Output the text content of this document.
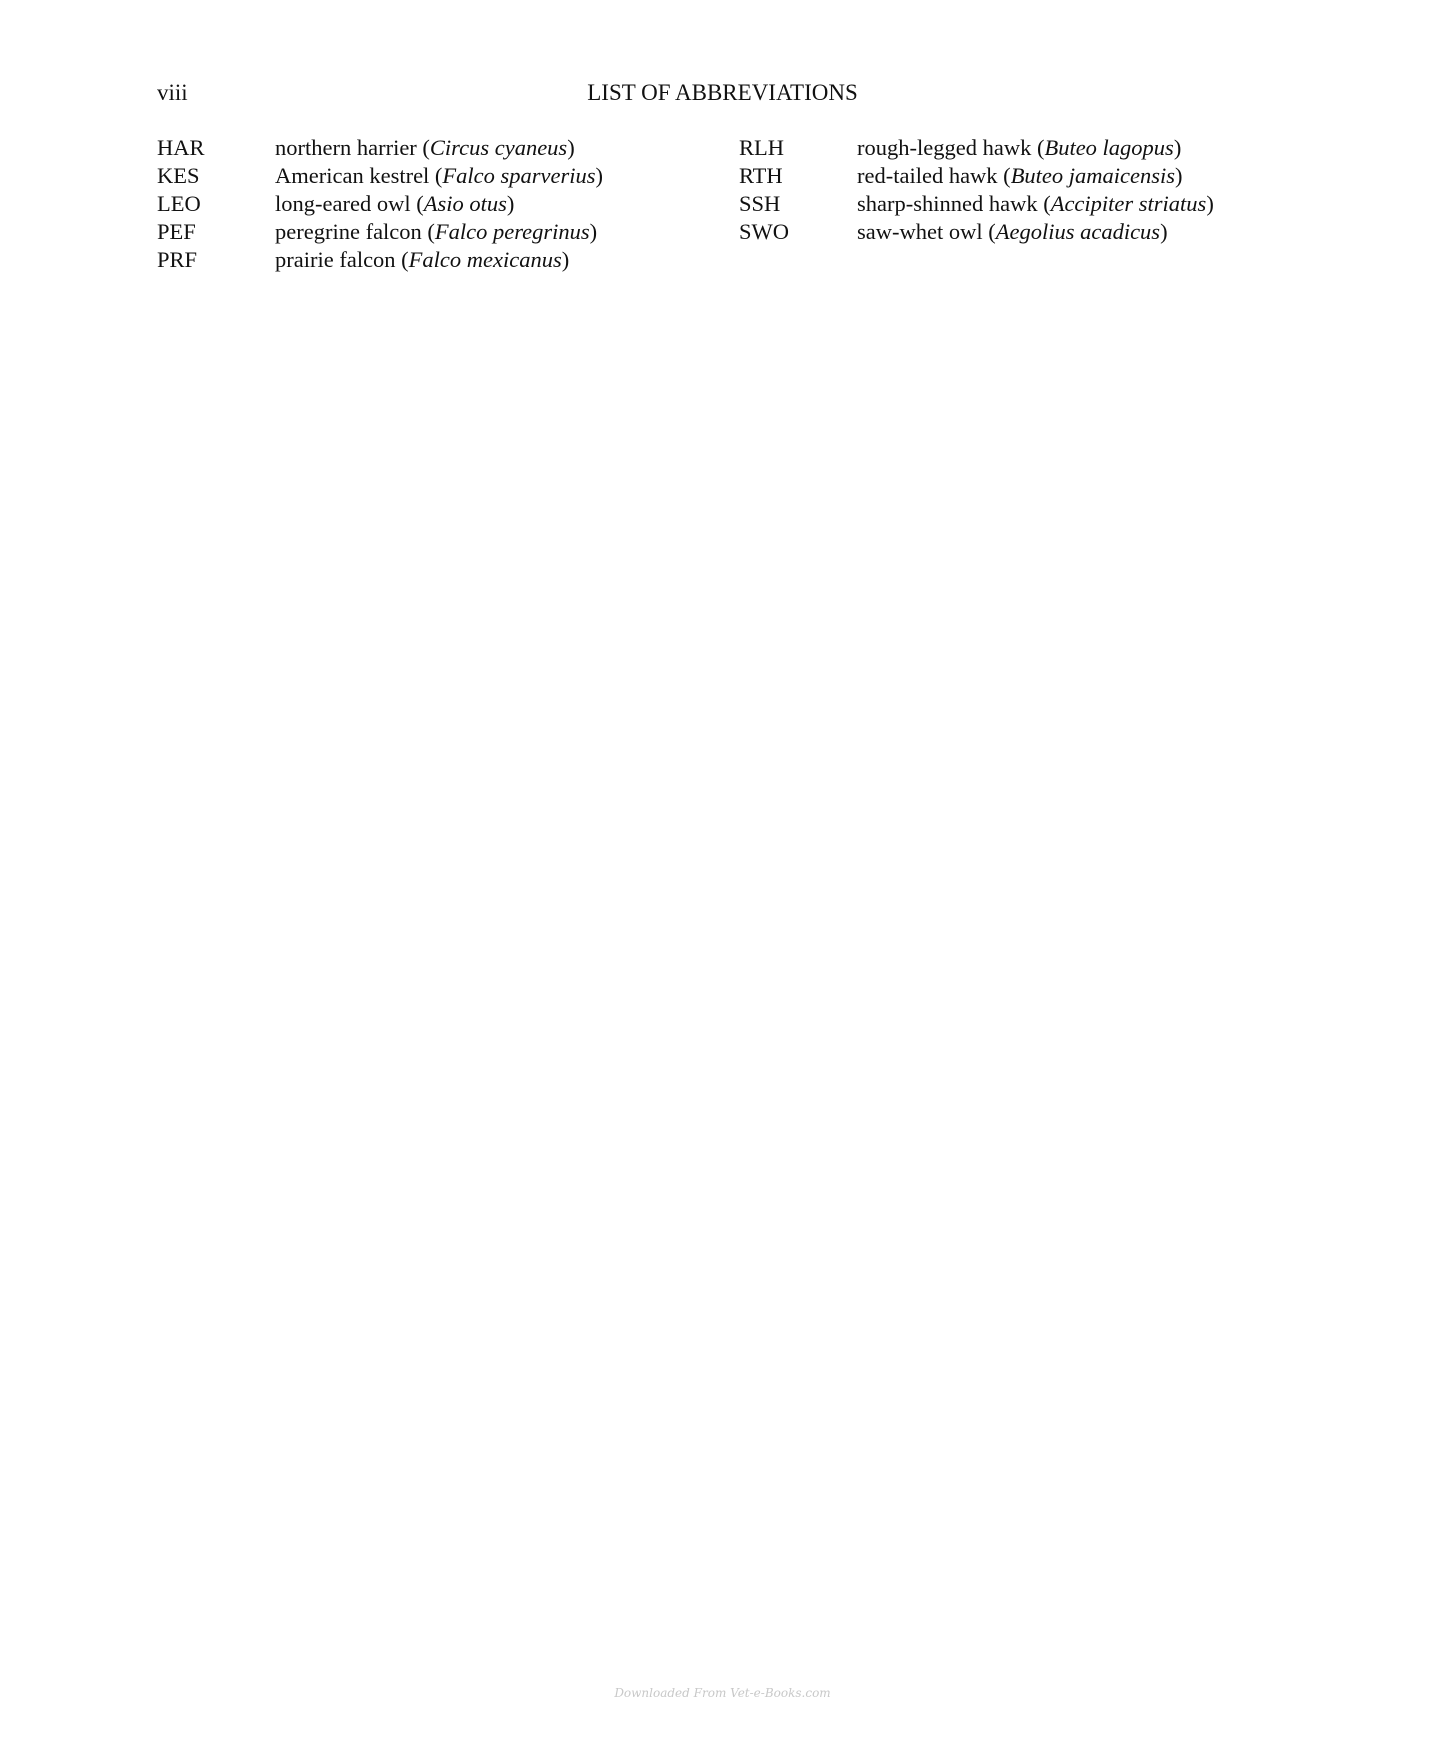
viii	LIST OF ABBREVIATIONS
HAR	northern harrier (Circus cyaneus)
KES	American kestrel (Falco sparverius)
LEO	long-eared owl (Asio otus)
PEF	peregrine falcon (Falco peregrinus)
PRF	prairie falcon (Falco mexicanus)
RLH	rough-legged hawk (Buteo lagopus)
RTH	red-tailed hawk (Buteo jamaicensis)
SSH	sharp-shinned hawk (Accipiter striatus)
SWO	saw-whet owl (Aegolius acadicus)
Downloaded From Vet-e-Books.com
